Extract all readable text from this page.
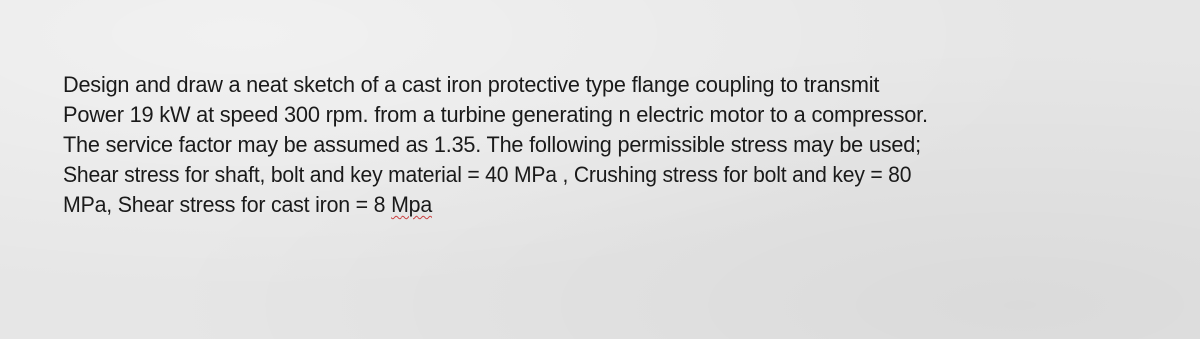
Design and draw a neat sketch of a cast iron protective type flange coupling to transmit
Power 19 kW at speed 300 rpm. from a turbine generating n electric motor to a compressor.
The service factor may be assumed as 1.35. The following permissible stress may be used;
Shear stress for shaft, bolt and key material = 40 MPa , Crushing stress for bolt and key = 80
MPa, Shear stress for cast iron = 8 Mpa
